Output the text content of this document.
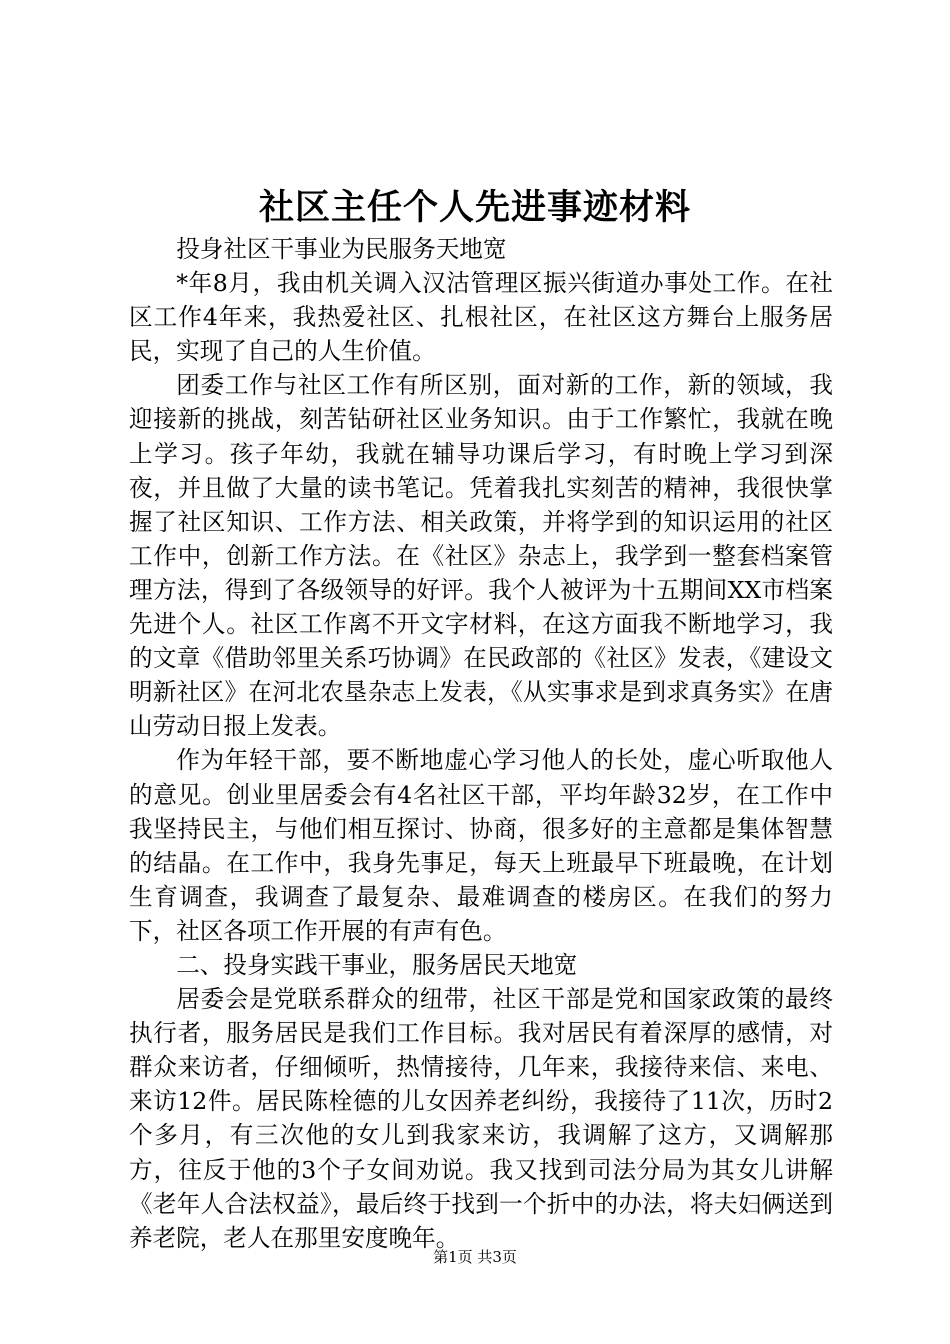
社区主任个人先进事迹材料

投身社区干事业为民服务天地宽

*年8月，我由机关调入汉沽管理区振兴街道办事处工作。在社区工作4年来，我热爱社区、扎根社区，在社区这方舞台上服务居民，实现了自己的人生价值。

团委工作与社区工作有所区别，面对新的工作，新的领域，我迎接新的挑战，刻苦钻研社区业务知识。由于工作繁忙，我就在晚上学习。孩子年幼，我就在辅导功课后学习，有时晚上学习到深夜，并且做了大量的读书笔记。凭着我扎实刻苦的精神，我很快掌握了社区知识、工作方法、相关政策，并将学到的知识运用的社区工作中，创新工作方法。在《社区》杂志上，我学到一整套档案管理方法，得到了各级领导的好评。我个人被评为十五期间XX市档案先进个人。社区工作离不开文字材料，在这方面我不断地学习，我的文章《借助邻里关系巧协调》在民政部的《社区》发表，《建设文明新社区》在河北农垦杂志上发表，《从实事求是到求真务实》在唐山劳动日报上发表。

作为年轻干部，要不断地虚心学习他人的长处，虚心听取他人的意见。创业里居委会有4名社区干部，平均年龄32岁，在工作中我坚持民主，与他们相互探讨、协商，很多好的主意都是集体智慧的结晶。在工作中，我身先事足，每天上班最早下班最晚，在计划生育调查，我调查了最复杂、最难调查的楼房区。在我们的努力下，社区各项工作开展的有声有色。

二、投身实践干事业，服务居民天地宽

居委会是党联系群众的纽带，社区干部是党和国家政策的最终执行者，服务居民是我们工作目标。我对居民有着深厚的感情，对群众来访者，仔细倾听，热情接待，几年来，我接待来信、来电、来访12件。居民陈栓德的儿女因养老纠纷，我接待了11次，历时2个多月，有三次他的女儿到我家来访，我调解了这方，又调解那方，往反于他的3个子女间劝说。我又找到司法分局为其女儿讲解《老年人合法权益》，最后终于找到一个折中的办法，将夫妇俩送到养老院，老人在那里安度晚年。

第1页 共3页
